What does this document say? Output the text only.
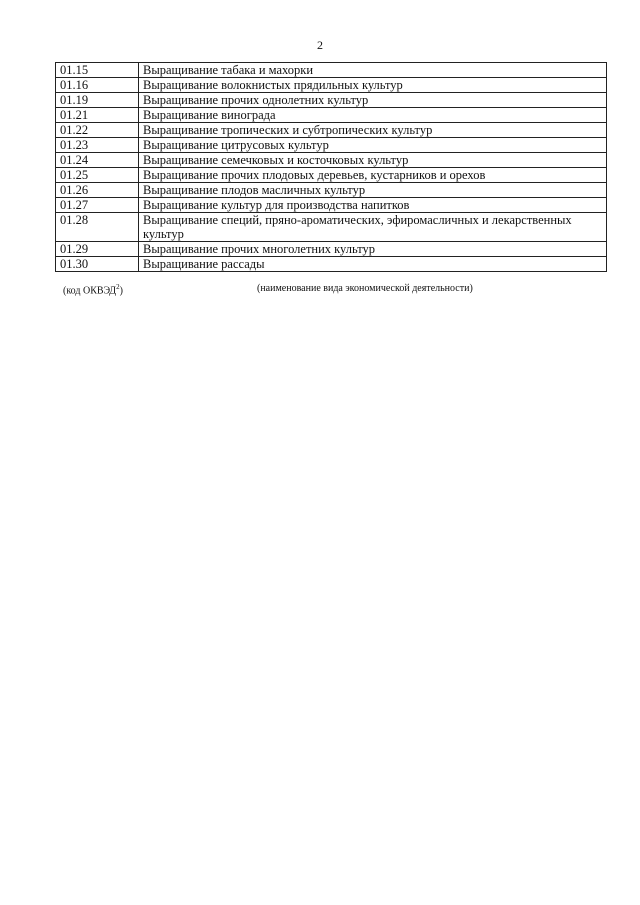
2
01.15	Выращивание табака и махорки
01.16	Выращивание волокнистых прядильных культур
01.19	Выращивание прочих однолетних культур
01.21	Выращивание винограда
01.22	Выращивание тропических и субтропических культур
01.23	Выращивание цитрусовых культур
01.24	Выращивание семечковых и косточковых культур
01.25	Выращивание прочих плодовых деревьев, кустарников и орехов
01.26	Выращивание плодов масличных культур
01.27	Выращивание культур для производства напитков
01.28	Выращивание специй, пряно-ароматических, эфиромасличных и лекарственных культур
01.29	Выращивание прочих многолетних культур
01.30	Выращивание рассады
(код ОКВЭД$^2$)	(наименование вида экономической деятельности)
